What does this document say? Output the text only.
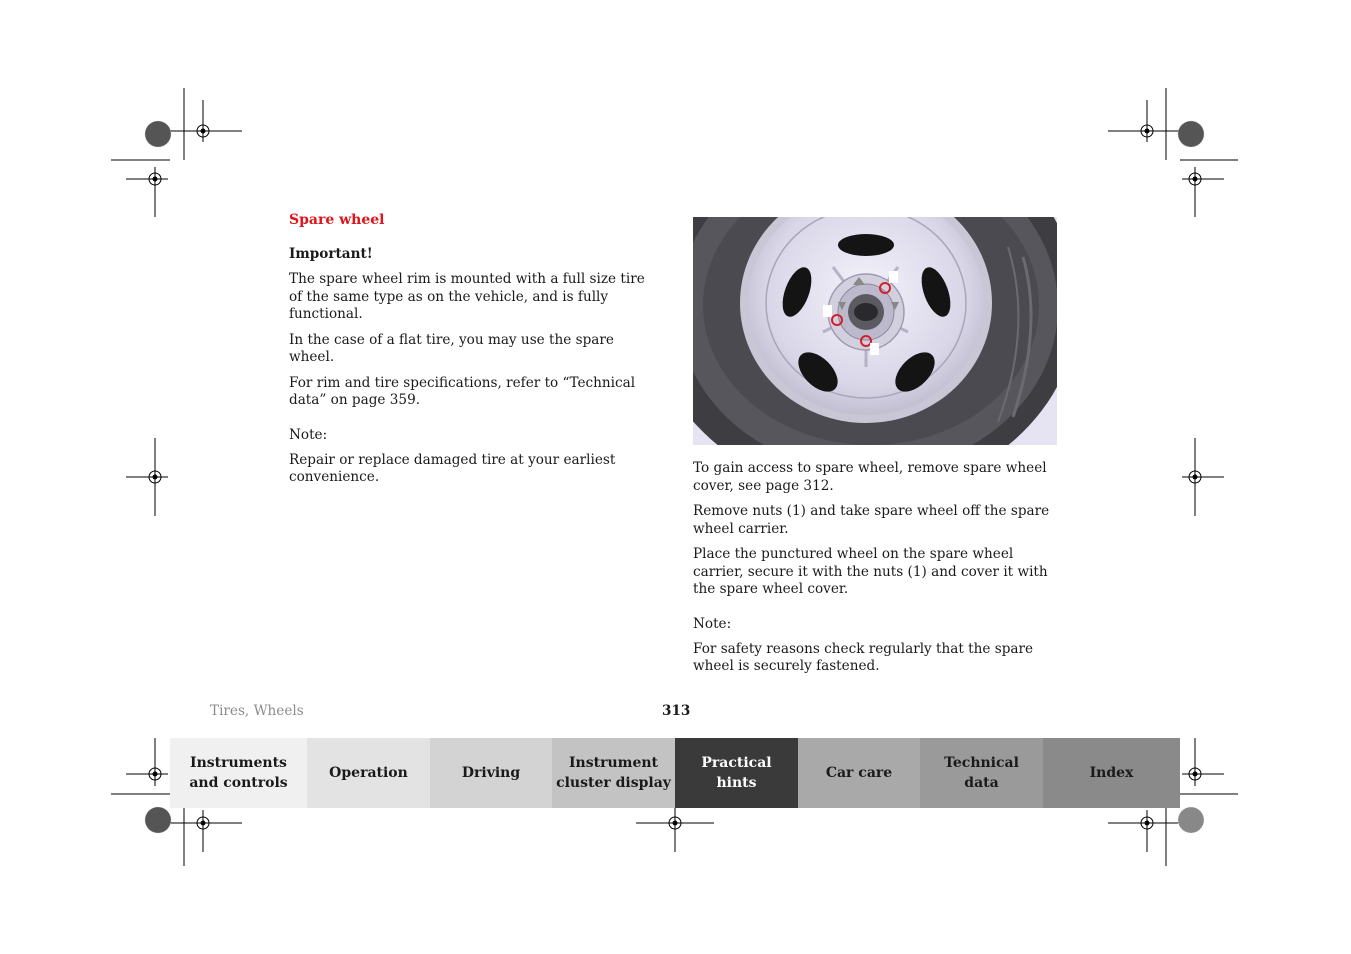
Spare wheel
Important!

The spare wheel rim is mounted with a full size tire of the same type as on the vehicle, and is fully functional.

In the case of a flat tire, you may use the spare wheel.

For rim and tire specifications, refer to “Technical data” on page 359.

Note:

Repair or replace damaged tire at your earliest convenience.

To gain access to spare wheel, remove spare wheel cover, see page 312.

Remove nuts (1) and take spare wheel off the spare wheel carrier.

Place the punctured wheel on the spare wheel carrier, secure it with the nuts (1) and cover it with the spare wheel cover.

Note:

For safety reasons check regularly that the spare wheel is securely fastened.

Tires, Wheels	313
Instruments
and controls
Operation	Driving
Instrument
cluster display
Practical hints
Car care
Technical
data
Index
